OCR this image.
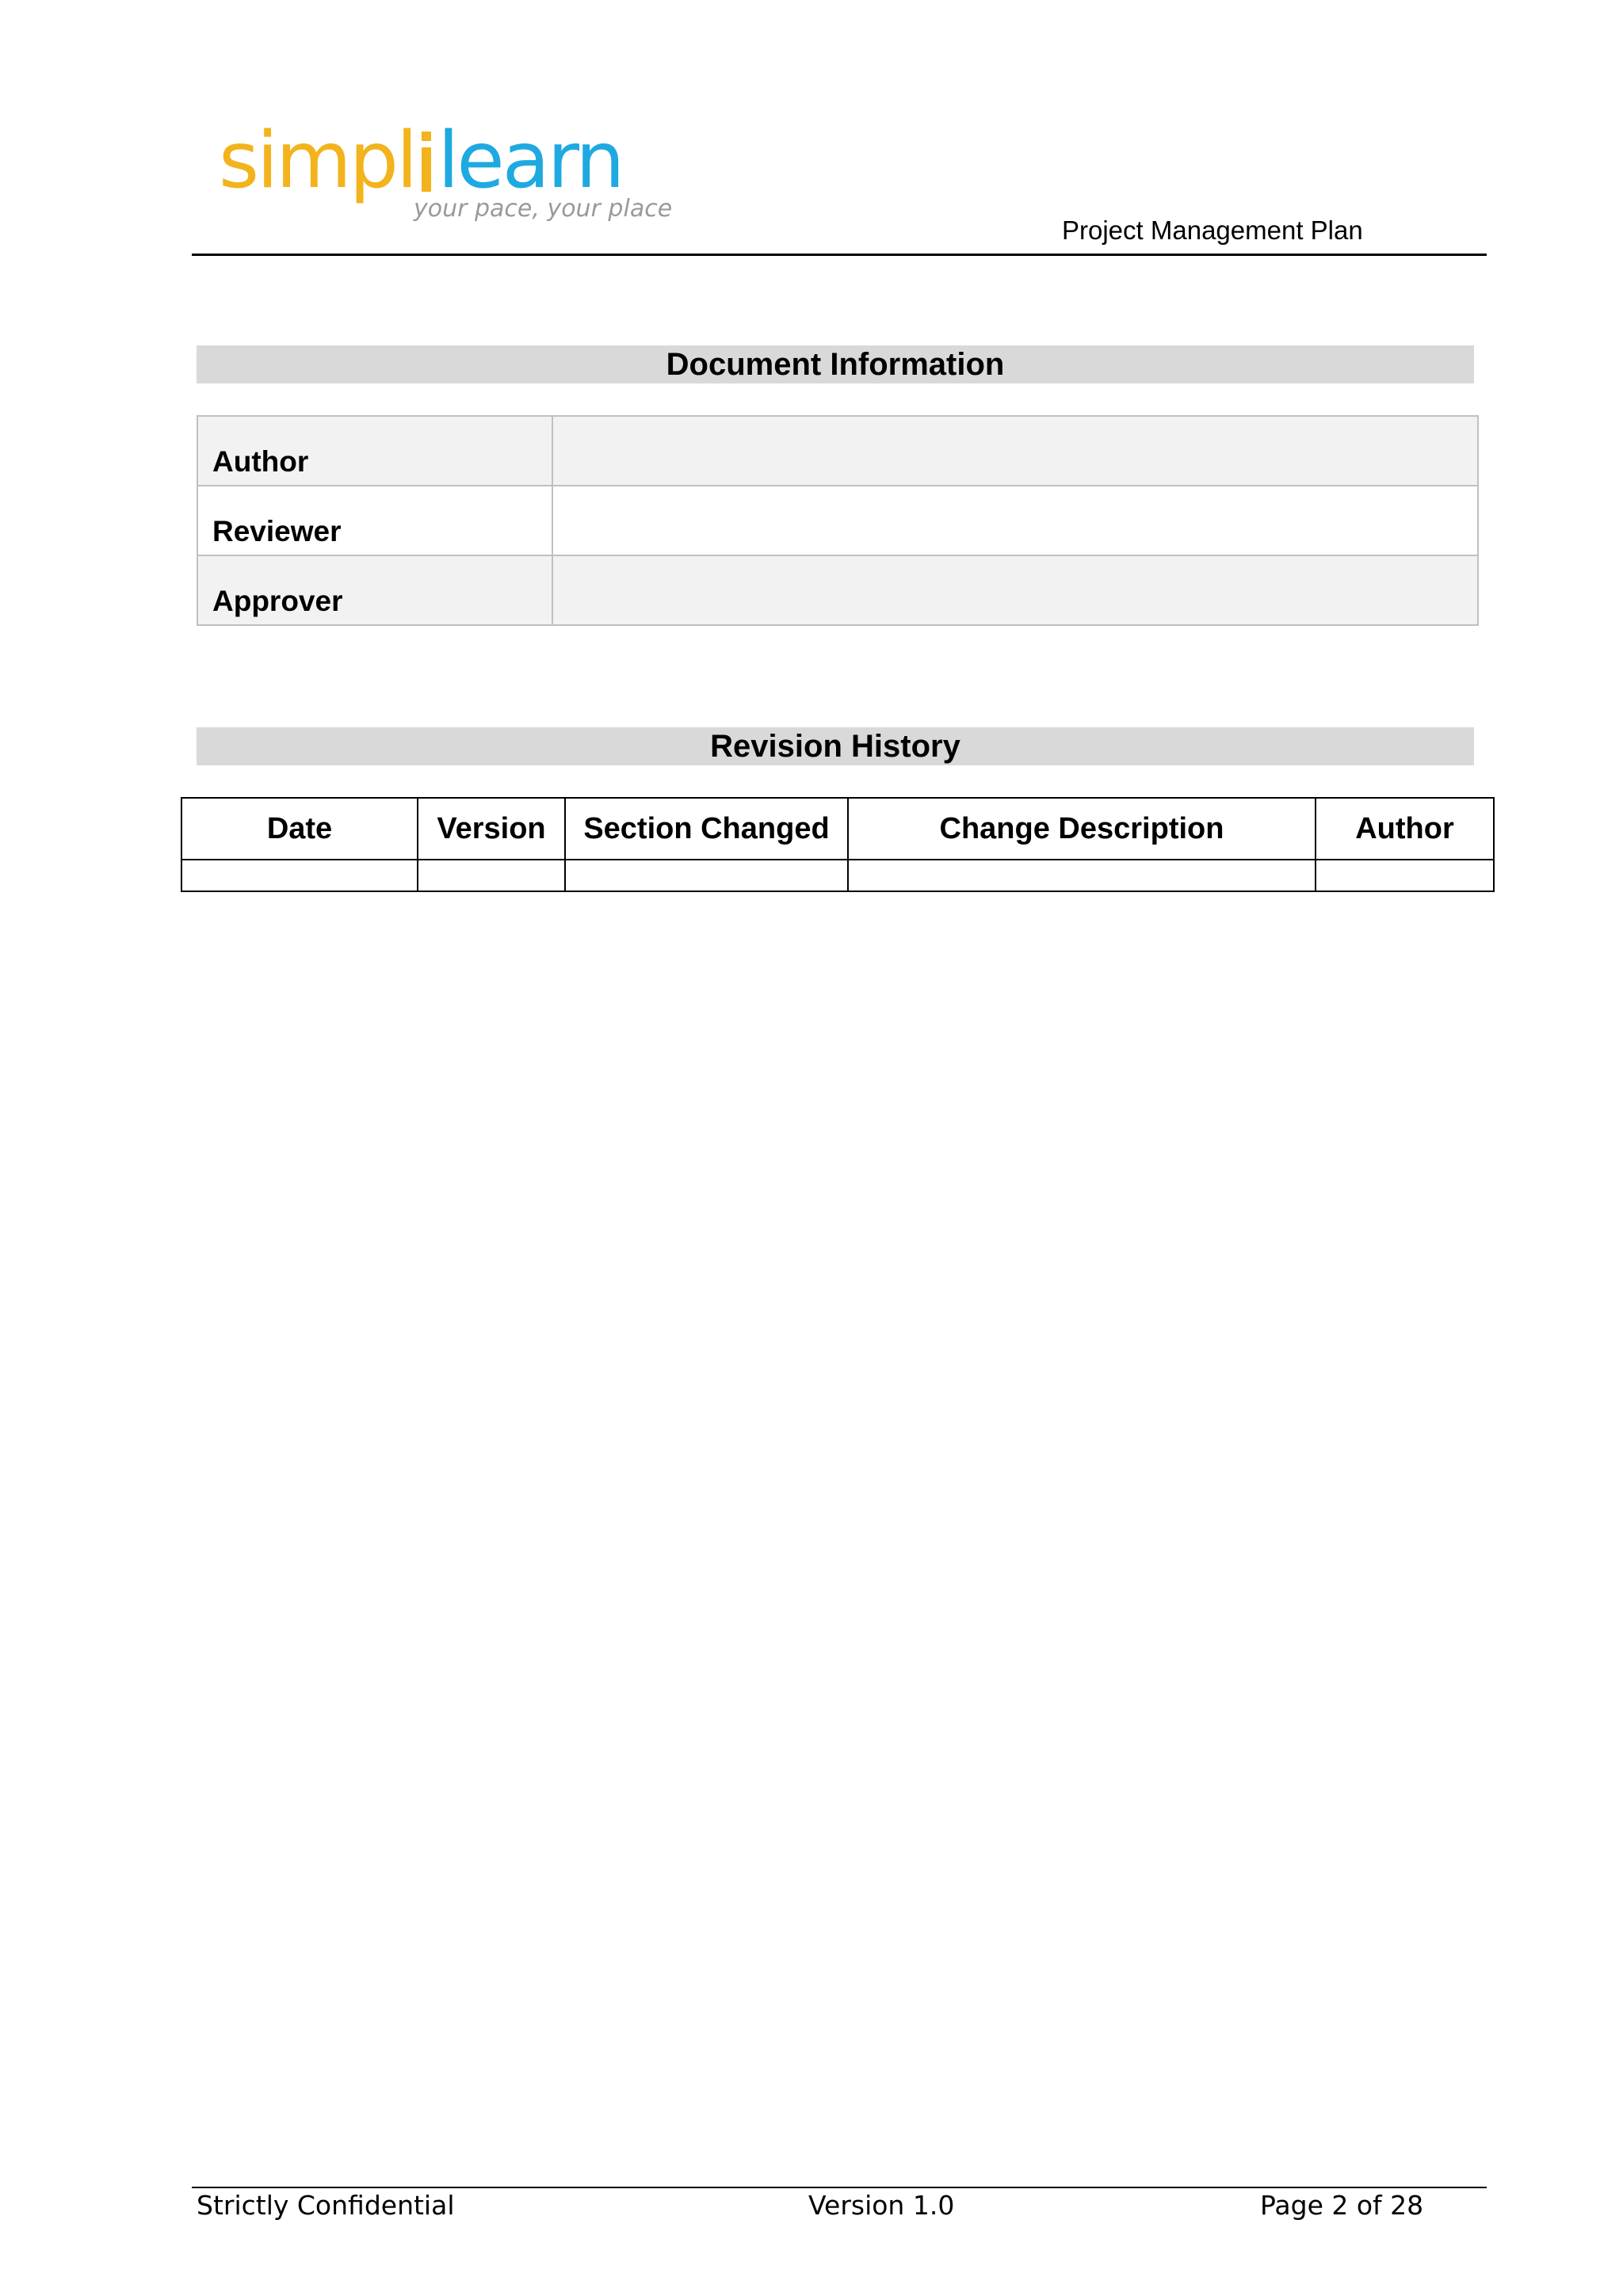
simpl learn
your pace, your place
Project Management Plan
Document Information
Author	
Reviewer	
Approver	
Revision History
Date	Version	Section Changed	Change Description	Author

Strictly Confidential	Version 1.0	Page 2 of 28
